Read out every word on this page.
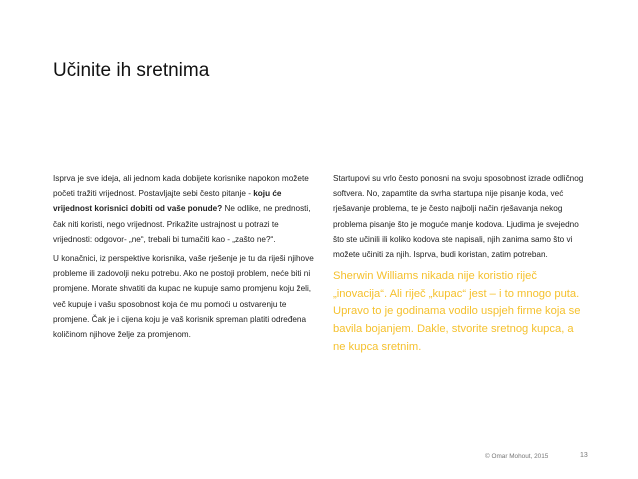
Učinite ih sretnima

Isprva je sve ideja, ali jednom kada dobijete korisnike napokon možete početi tražiti vrijednost. Postavljajte sebi često pitanje - koju će vrijednost korisnici dobiti od vaše ponude? Ne odlike, ne prednosti, čak niti koristi, nego vrijednost. Prikažite ustrajnost u potrazi te vrijednosti: odgovor- „ne“, trebali bi tumačiti kao - „zašto ne?“.

U konačnici, iz perspektive korisnika, vaše rješenje je tu da riješi njihove probleme ili zadovolji neku potrebu. Ako ne postoji problem, neće biti ni promjene. Morate shvatiti da kupac ne kupuje samo promjenu koju želi, več kupuje i vašu sposobnost koja će mu pomoći u ostvarenju te promjene. Čak je i cijena koju je vaš korisnik spreman platiti određena količinom njihove želje za promjenom.

Startupovi su vrlo često ponosni na svoju sposobnost izrade odličnog softvera. No, zapamtite da svrha startupa nije pisanje koda, već rješavanje problema, te je često najbolji način rješavanja nekog problema pisanje što je moguće manje kodova. Ljudima je svejedno što ste učinili ili koliko kodova ste napisali, njih zanima samo što vi možete učiniti za njih. Isprva, budi koristan, zatim potreban.

Sherwin Williams nikada nije koristio riječ „inovacija“. Ali riječ „kupac“ jest – i to mnogo puta. Upravo to je godinama vodilo uspjeh firme koja se bavila bojanjem. Dakle, stvorite sretnog kupca, a ne kupca sretnim.

© Omar Mohout, 2015	13
